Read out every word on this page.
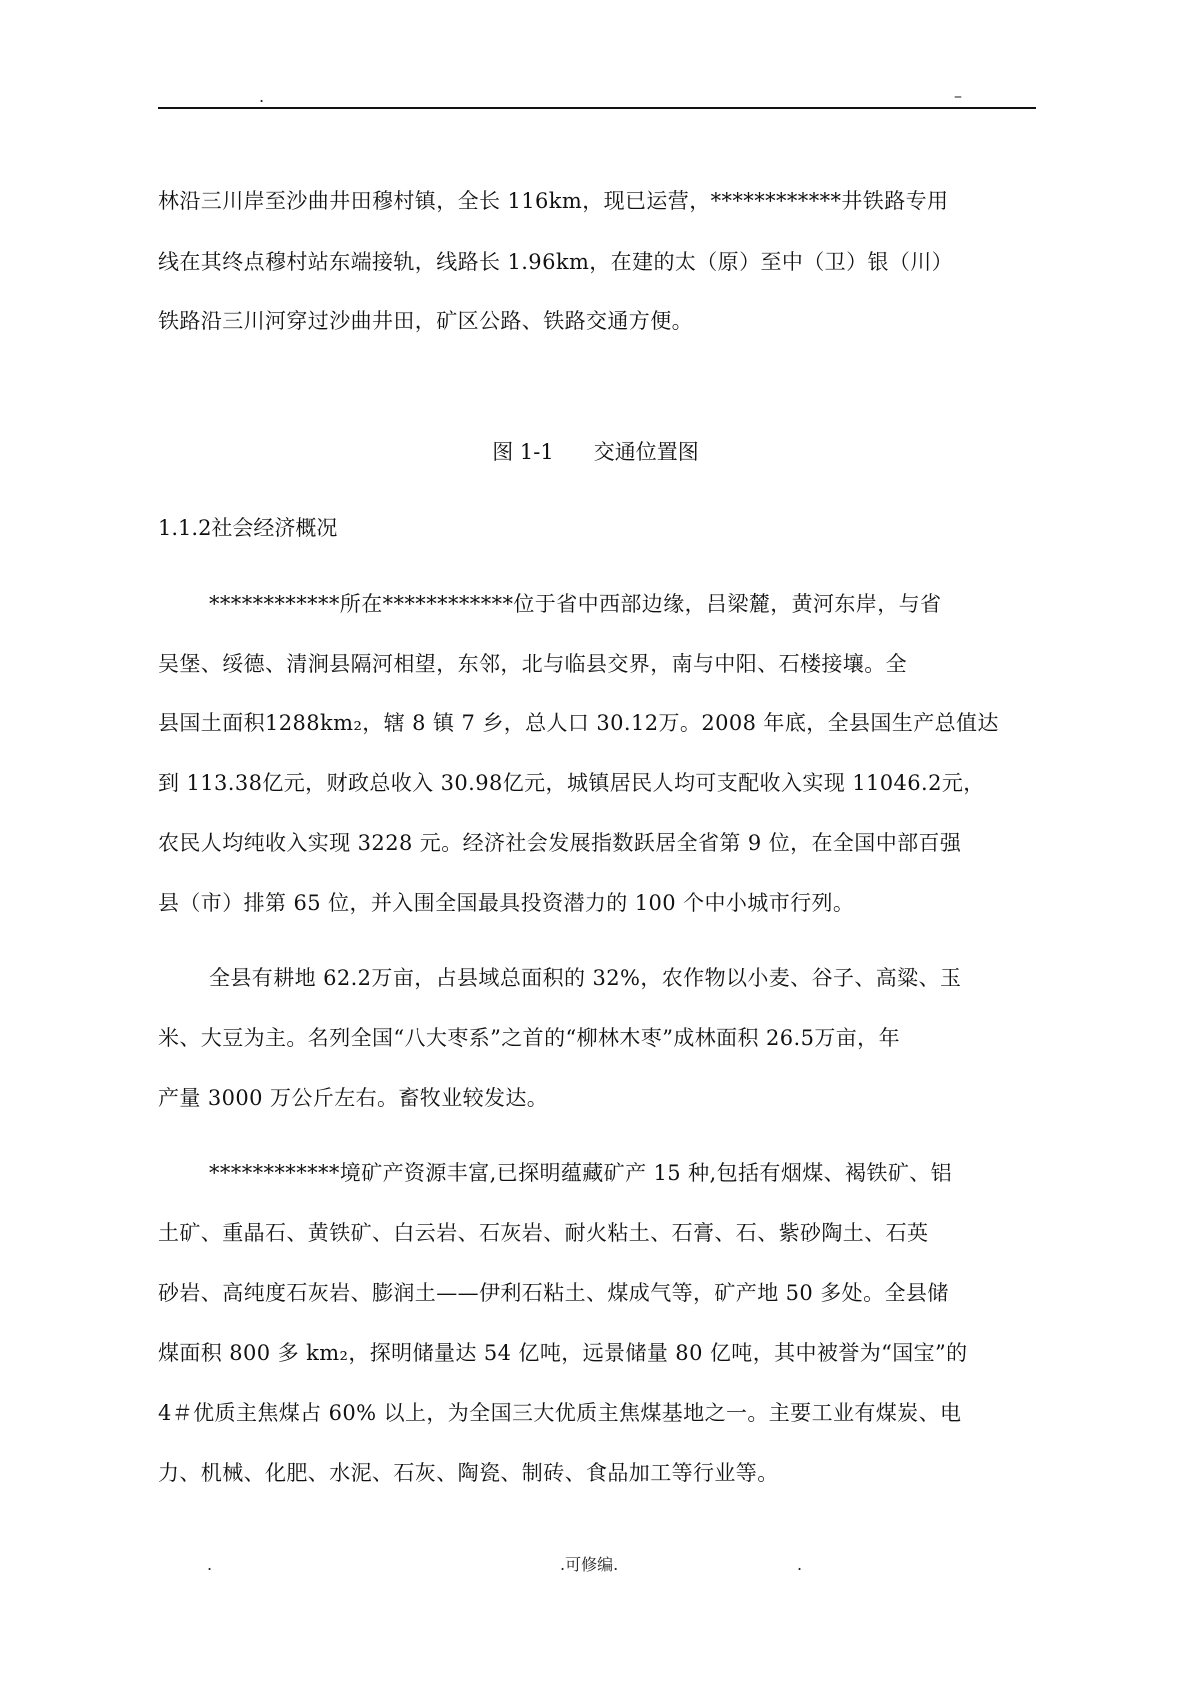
.	–
林沿三川岸至沙曲井田穆村镇，全长 116km，现已运营，************井铁路专用
线在其终点穆村站东端接轨，线路长 1.96km，在建的太（原）至中（卫）银（川）
铁路沿三川河穿过沙曲井田，矿区公路、铁路交通方便。
图 1-1      交通位置图
1.1.2社会经济概况
************所在************位于省中西部边缘，吕梁麓，黄河东岸，与省
吴堡、绥德、清涧县隔河相望，东邻，北与临县交界，南与中阳、石楼接壤。全
县国土面积1288km₂，辖 8 镇 7 乡，总人口 30.12万。2008 年底，全县国生产总值达
到 113.38亿元，财政总收入 30.98亿元，城镇居民人均可支配收入实现 11046.2元，
农民人均纯收入实现 3228 元。经济社会发展指数跃居全省第 9 位，在全国中部百强
县（市）排第 65 位，并入围全国最具投资潜力的 100 个中小城市行列。
全县有耕地 62.2万亩，占县域总面积的 32%，农作物以小麦、谷子、高粱、玉
米、大豆为主。名列全国“八大枣系”之首的“柳林木枣”成林面积 26.5万亩，年
产量 3000 万公斤左右。畜牧业较发达。
************境矿产资源丰富,已探明蕴藏矿产 15 种,包括有烟煤、褐铁矿、铝
土矿、重晶石、黄铁矿、白云岩、石灰岩、耐火粘土、石膏、石、紫砂陶土、石英
砂岩、高纯度石灰岩、膨润土——伊利石粘土、煤成气等，矿产地 50 多处。全县储
煤面积 800 多 km₂，探明储量达 54 亿吨，远景储量 80 亿吨，其中被誉为“国宝”的
4＃优质主焦煤占 60% 以上，为全国三大优质主焦煤基地之一。主要工业有煤炭、电
力、机械、化肥、水泥、石灰、陶瓷、制砖、食品加工等行业等。
.	.可修编.	.
